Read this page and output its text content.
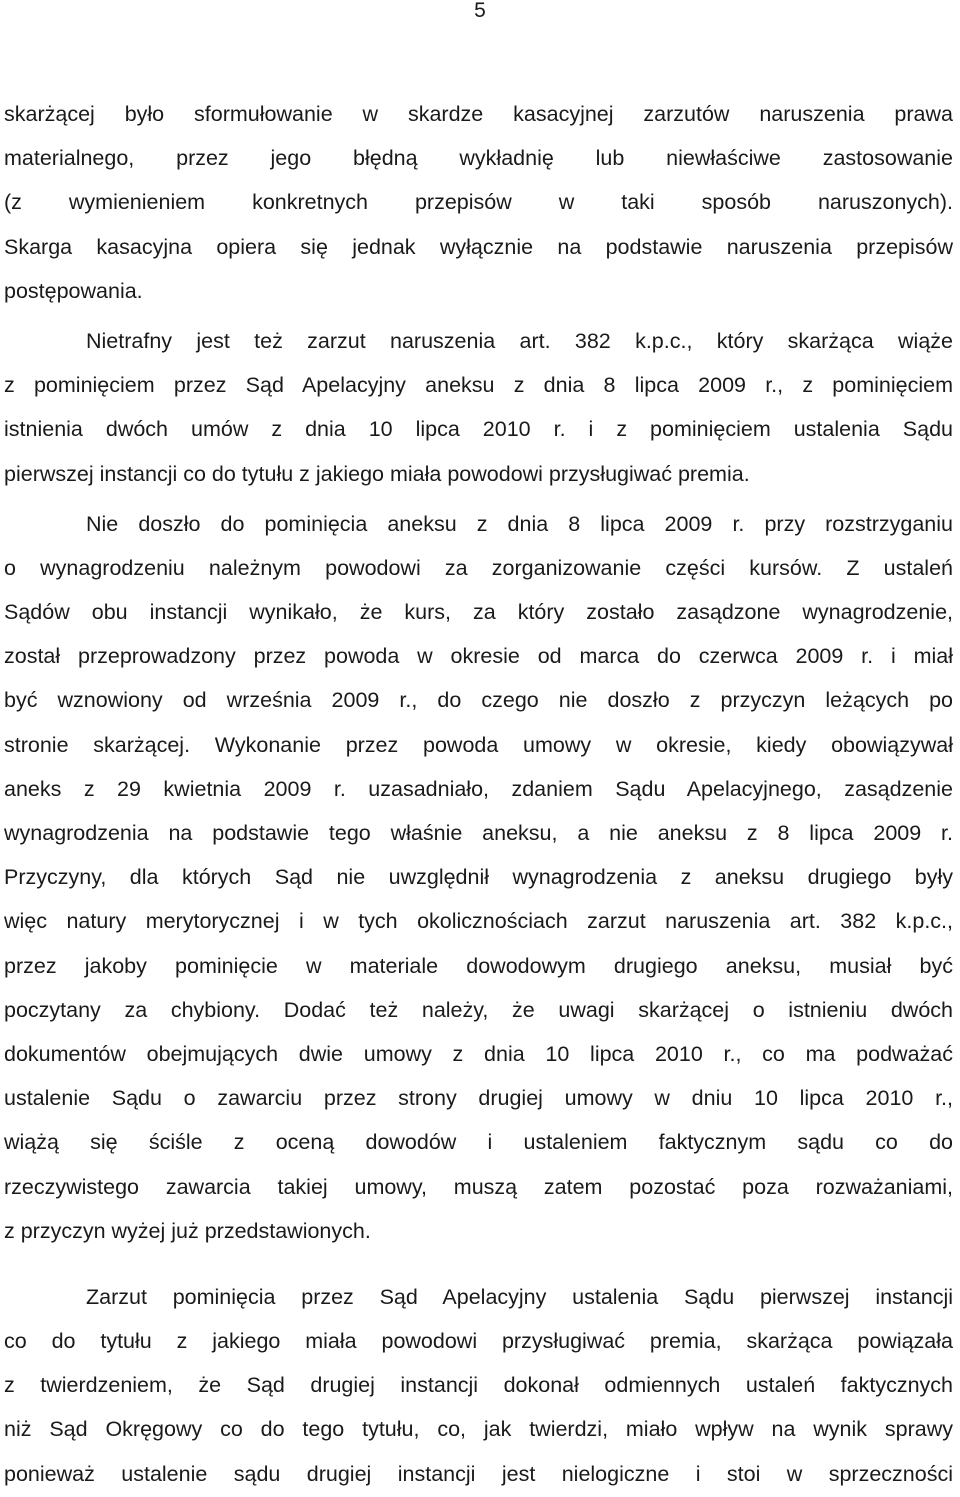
5
skarżącej było sformułowanie w skardze kasacyjnej zarzutów naruszenia prawa
materialnego, przez jego błędną wykładnię lub niewłaściwe zastosowanie
(z wymienieniem konkretnych przepisów w taki sposób naruszonych).
Skarga kasacyjna opiera się jednak wyłącznie na podstawie naruszenia przepisów
postępowania.
Nietrafny jest też zarzut naruszenia art. 382 k.p.c., który skarżąca wiąże
z pominięciem przez Sąd Apelacyjny aneksu z dnia 8 lipca 2009 r., z pominięciem
istnienia dwóch umów z dnia 10 lipca 2010 r. i z pominięciem ustalenia Sądu
pierwszej instancji co do tytułu z jakiego miała powodowi przysługiwać premia.
Nie doszło do pominięcia aneksu z dnia 8 lipca 2009 r. przy rozstrzyganiu
o wynagrodzeniu należnym powodowi za zorganizowanie części kursów. Z ustaleń
Sądów obu instancji wynikało, że kurs, za który zostało zasądzone wynagrodzenie,
został przeprowadzony przez powoda w okresie od marca do czerwca 2009 r. i miał
być wznowiony od września 2009 r., do czego nie doszło z przyczyn leżących po
stronie skarżącej. Wykonanie przez powoda umowy w okresie, kiedy obowiązywał
aneks z 29 kwietnia 2009 r. uzasadniało, zdaniem Sądu Apelacyjnego, zasądzenie
wynagrodzenia na podstawie tego właśnie aneksu, a nie aneksu z 8 lipca 2009 r.
Przyczyny, dla których Sąd nie uwzględnił wynagrodzenia z aneksu drugiego były
więc natury merytorycznej i w tych okolicznościach zarzut naruszenia art. 382 k.p.c.,
przez jakoby pominięcie w materiale dowodowym drugiego aneksu, musiał być
poczytany za chybiony. Dodać też należy, że uwagi skarżącej o istnieniu dwóch
dokumentów obejmujących dwie umowy z dnia 10 lipca 2010 r., co ma podważać
ustalenie Sądu o zawarciu przez strony drugiej umowy w dniu 10 lipca 2010 r.,
wiążą się ściśle z oceną dowodów i ustaleniem faktycznym sądu co do
rzeczywistego zawarcia takiej umowy, muszą zatem pozostać poza rozważaniami,
z przyczyn wyżej już przedstawionych.
Zarzut pominięcia przez Sąd Apelacyjny ustalenia Sądu pierwszej instancji
co do tytułu z jakiego miała powodowi przysługiwać premia, skarżąca powiązała
z twierdzeniem, że Sąd drugiej instancji dokonał odmiennych ustaleń faktycznych
niż Sąd Okręgowy co do tego tytułu, co, jak twierdzi, miało wpływ na wynik sprawy
ponieważ ustalenie sądu drugiej instancji jest nielogiczne i stoi w sprzeczności
